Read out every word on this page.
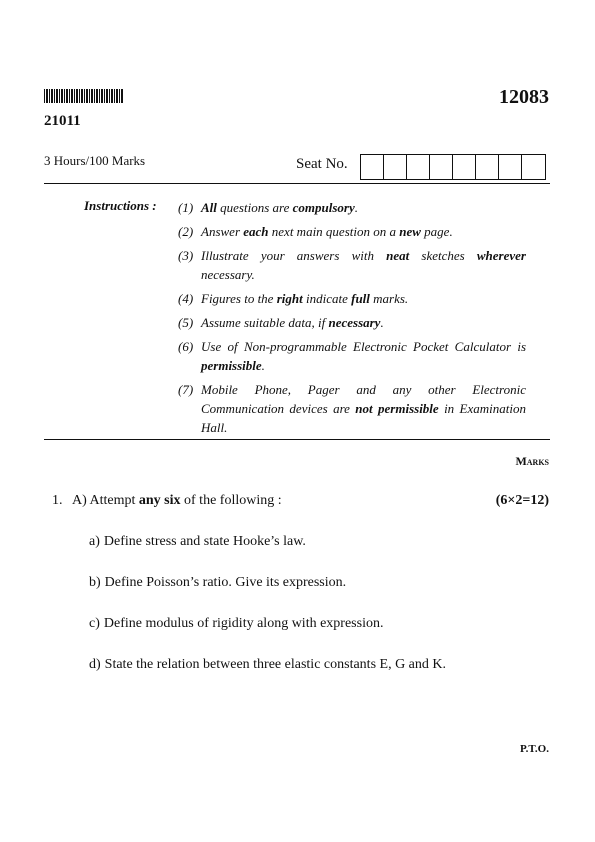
12083
21011
3 Hours/100 Marks	Seat No.
Instructions : (1) All questions are compulsory.
(2) Answer each next main question on a new page.
(3) Illustrate your answers with neat sketches wherever necessary.
(4) Figures to the right indicate full marks.
(5) Assume suitable data, if necessary.
(6) Use of Non-programmable Electronic Pocket Calculator is permissible.
(7) Mobile Phone, Pager and any other Electronic Communication devices are not permissible in Examination Hall.
Marks
1. A) Attempt any six of the following :	(6×2=12)
a) Define stress and state Hooke’s law.
b) Define Poisson’s ratio. Give its expression.
c) Define modulus of rigidity along with expression.
d) State the relation between three elastic constants E, G and K.
P.T.O.
